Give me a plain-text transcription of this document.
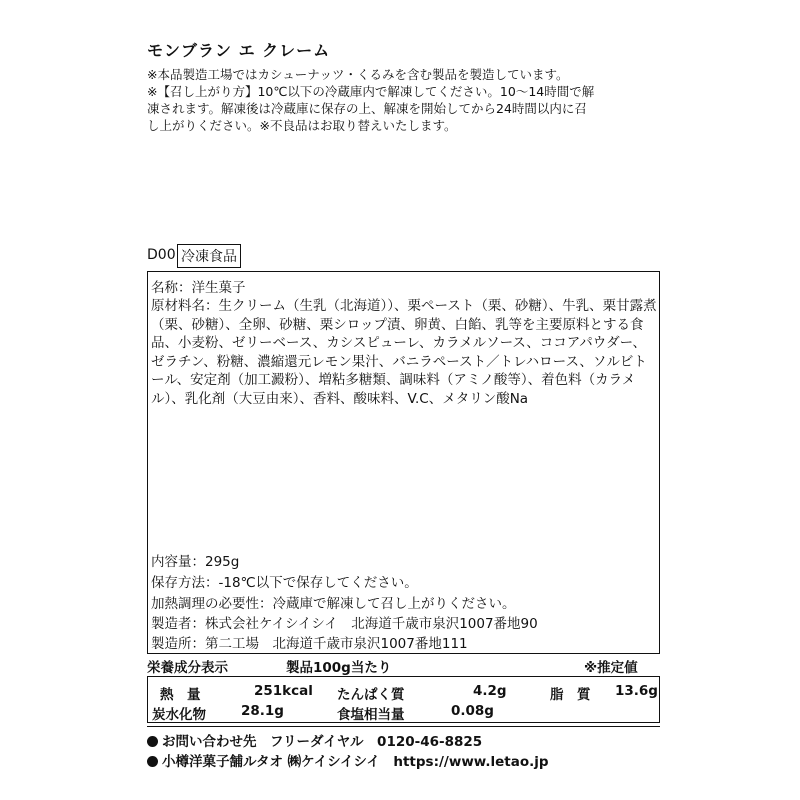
モンブラン エ クレーム
※本品製造工場ではカシューナッツ・くるみを含む製品を製造しています。
※【召し上がり方】10℃以下の冷蔵庫内で解凍してください。10～14時間で解
凍されます。解凍後は冷蔵庫に保存の上、解凍を開始してから24時間以内に召
し上がりください。※不良品はお取り替えいたします。
D00 冷凍食品
名称：洋生菓子
原材料名：生クリーム（生乳（北海道））、栗ペースト（栗、砂糖）、牛乳、栗甘露煮（栗、砂糖）、全卵、砂糖、栗シロップ漬、卵黄、白餡、乳等を主要原料とする食品、小麦粉、ゼリーベース、カシスピューレ、カラメルソース、ココアパウダー、ゼラチン、粉糖、濃縮還元レモン果汁、バニラペースト／トレハロース、ソルビトール、安定剤（加工澱粉）、増粘多糖類、調味料（アミノ酸等）、着色料（カラメル）、乳化剤（大豆由来）、香料、酸味料、V.C、メタリン酸Na
内容量：295g
保存方法：-18℃以下で保存してください。
加熱調理の必要性：冷蔵庫で解凍して召し上がりください。
製造者：株式会社ケイシイシイ　北海道千歳市泉沢1007番地90
製造所：第二工場　北海道千歳市泉沢1007番地111
栄養成分表示	製品100g当たり	※推定値
熱　量	251kcal たんぱく質	4.2g	脂　質 13.6g
炭水化物	28.1g	食塩相当量	0.08g
お問い合わせ先　フリーダイヤル　0120-46-8825
小樽洋菓子舗ルタオ ㈱ケイシイシイ　https://www.letao.jp
